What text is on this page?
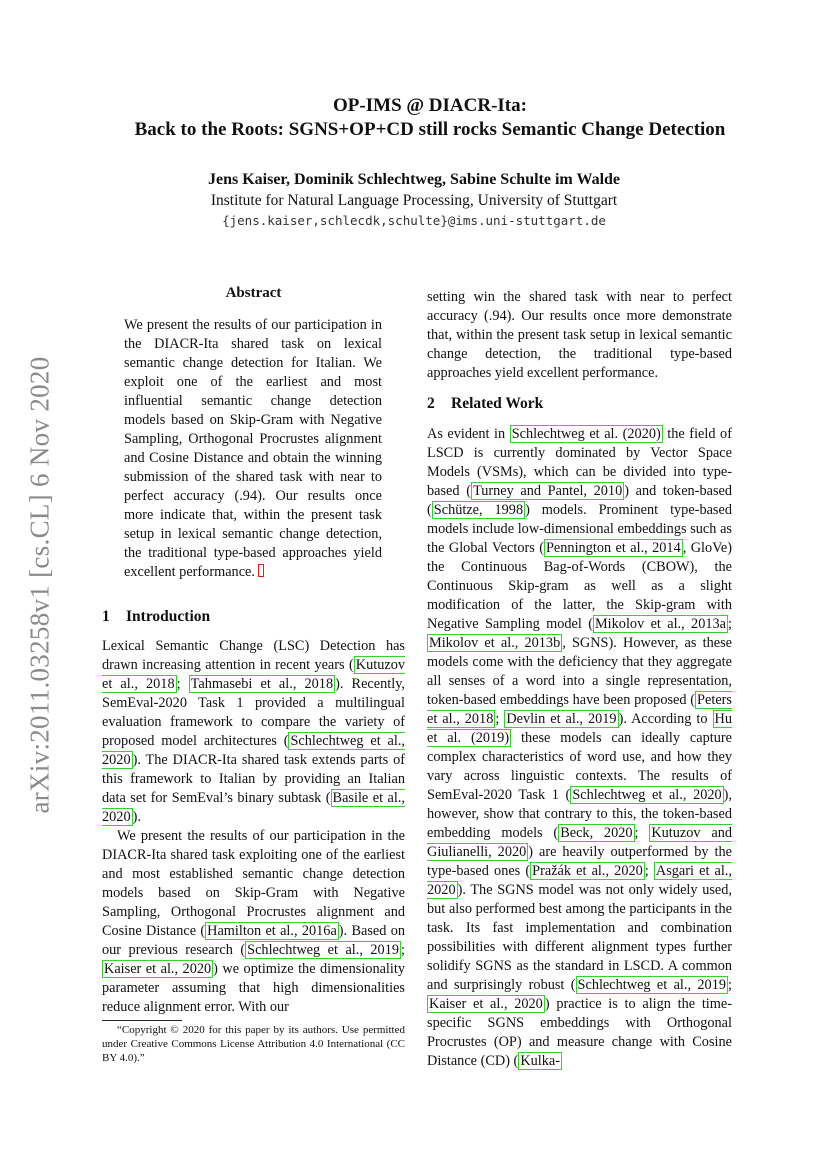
arXiv:2011.03258v1 [cs.CL] 6 Nov 2020
OP-IMS @ DIACR-Ita:
Back to the Roots: SGNS+OP+CD still rocks Semantic Change Detection
Jens Kaiser, Dominik Schlechtweg, Sabine Schulte im Walde
Institute for Natural Language Processing, University of Stuttgart
{jens.kaiser,schlecdk,schulte}@ims.uni-stuttgart.de
Abstract
We present the results of our participation in the DIACR-Ita shared task on lexical semantic change detection for Italian. We exploit one of the earliest and most influential semantic change detection models based on Skip-Gram with Negative Sampling, Orthogonal Procrustes alignment and Cosine Distance and obtain the winning submission of the shared task with near to perfect accuracy (.94). Our results once more indicate that, within the present task setup in lexical semantic change detection, the traditional type-based approaches yield excellent performance.
1 Introduction

Lexical Semantic Change (LSC) Detection has drawn increasing attention in recent years ( Kutuzov et al., 2018 ; Tahmasebi et al., 2018 ). Recently, SemEval-2020 Task 1 provided a multilingual evaluation framework to compare the variety of proposed model architectures ( Schlechtweg et al., 2020 ). The DIACR-Ita shared task extends parts of this framework to Italian by providing an Italian data set for SemEval’s binary subtask ( Basile et al., 2020 ).

We present the results of our participation in the DIACR-Ita shared task exploiting one of the earliest and most established semantic change detection models based on Skip-Gram with Negative Sampling, Orthogonal Procrustes alignment and Cosine Distance ( Hamilton et al., 2016a ). Based on our previous research ( Schlechtweg et al., 2019 ; Kaiser et al., 2020 ) we optimize the dimensionality parameter assuming that high dimensionalities reduce alignment error. With our

“Copyright © 2020 for this paper by its authors. Use permitted under Creative Commons License Attribution 4.0 International (CC BY 4.0).”

setting win the shared task with near to perfect accuracy (.94). Our results once more demonstrate that, within the present task setup in lexical semantic change detection, the traditional type-based approaches yield excellent performance.

2 Related Work

As evident in Schlechtweg et al. (2020) the field of LSCD is currently dominated by Vector Space Models (VSMs), which can be divided into type-based ( Turney and Pantel, 2010 ) and token-based ( Schütze, 1998 ) models. Prominent type-based models include low-dimensional embeddings such as the Global Vectors ( Pennington et al., 2014 , GloVe) the Continuous Bag-of-Words (CBOW), the Continuous Skip-gram as well as a slight modification of the latter, the Skip-gram with Negative Sampling model ( Mikolov et al., 2013a ; Mikolov et al., 2013b , SGNS). However, as these models come with the deficiency that they aggregate all senses of a word into a single representation, token-based embeddings have been proposed ( Peters et al., 2018 ; Devlin et al., 2019 ). According to Hu et al. (2019) these models can ideally capture complex characteristics of word use, and how they vary across linguistic contexts. The results of SemEval-2020 Task 1 ( Schlechtweg et al., 2020 ), however, show that contrary to this, the token-based embedding models ( Beck, 2020 ; Kutuzov and Giulianelli, 2020 ) are heavily outperformed by the type-based ones ( Pražák et al., 2020 ; Asgari et al., 2020 ). The SGNS model was not only widely used, but also performed best among the participants in the task. Its fast implementation and combination possibilities with different alignment types further solidify SGNS as the standard in LSCD. A common and surprisingly robust ( Schlechtweg et al., 2019 ; Kaiser et al., 2020 ) practice is to align the time-specific SGNS embeddings with Orthogonal Procrustes (OP) and measure change with Cosine Distance (CD) ( Kulka-
